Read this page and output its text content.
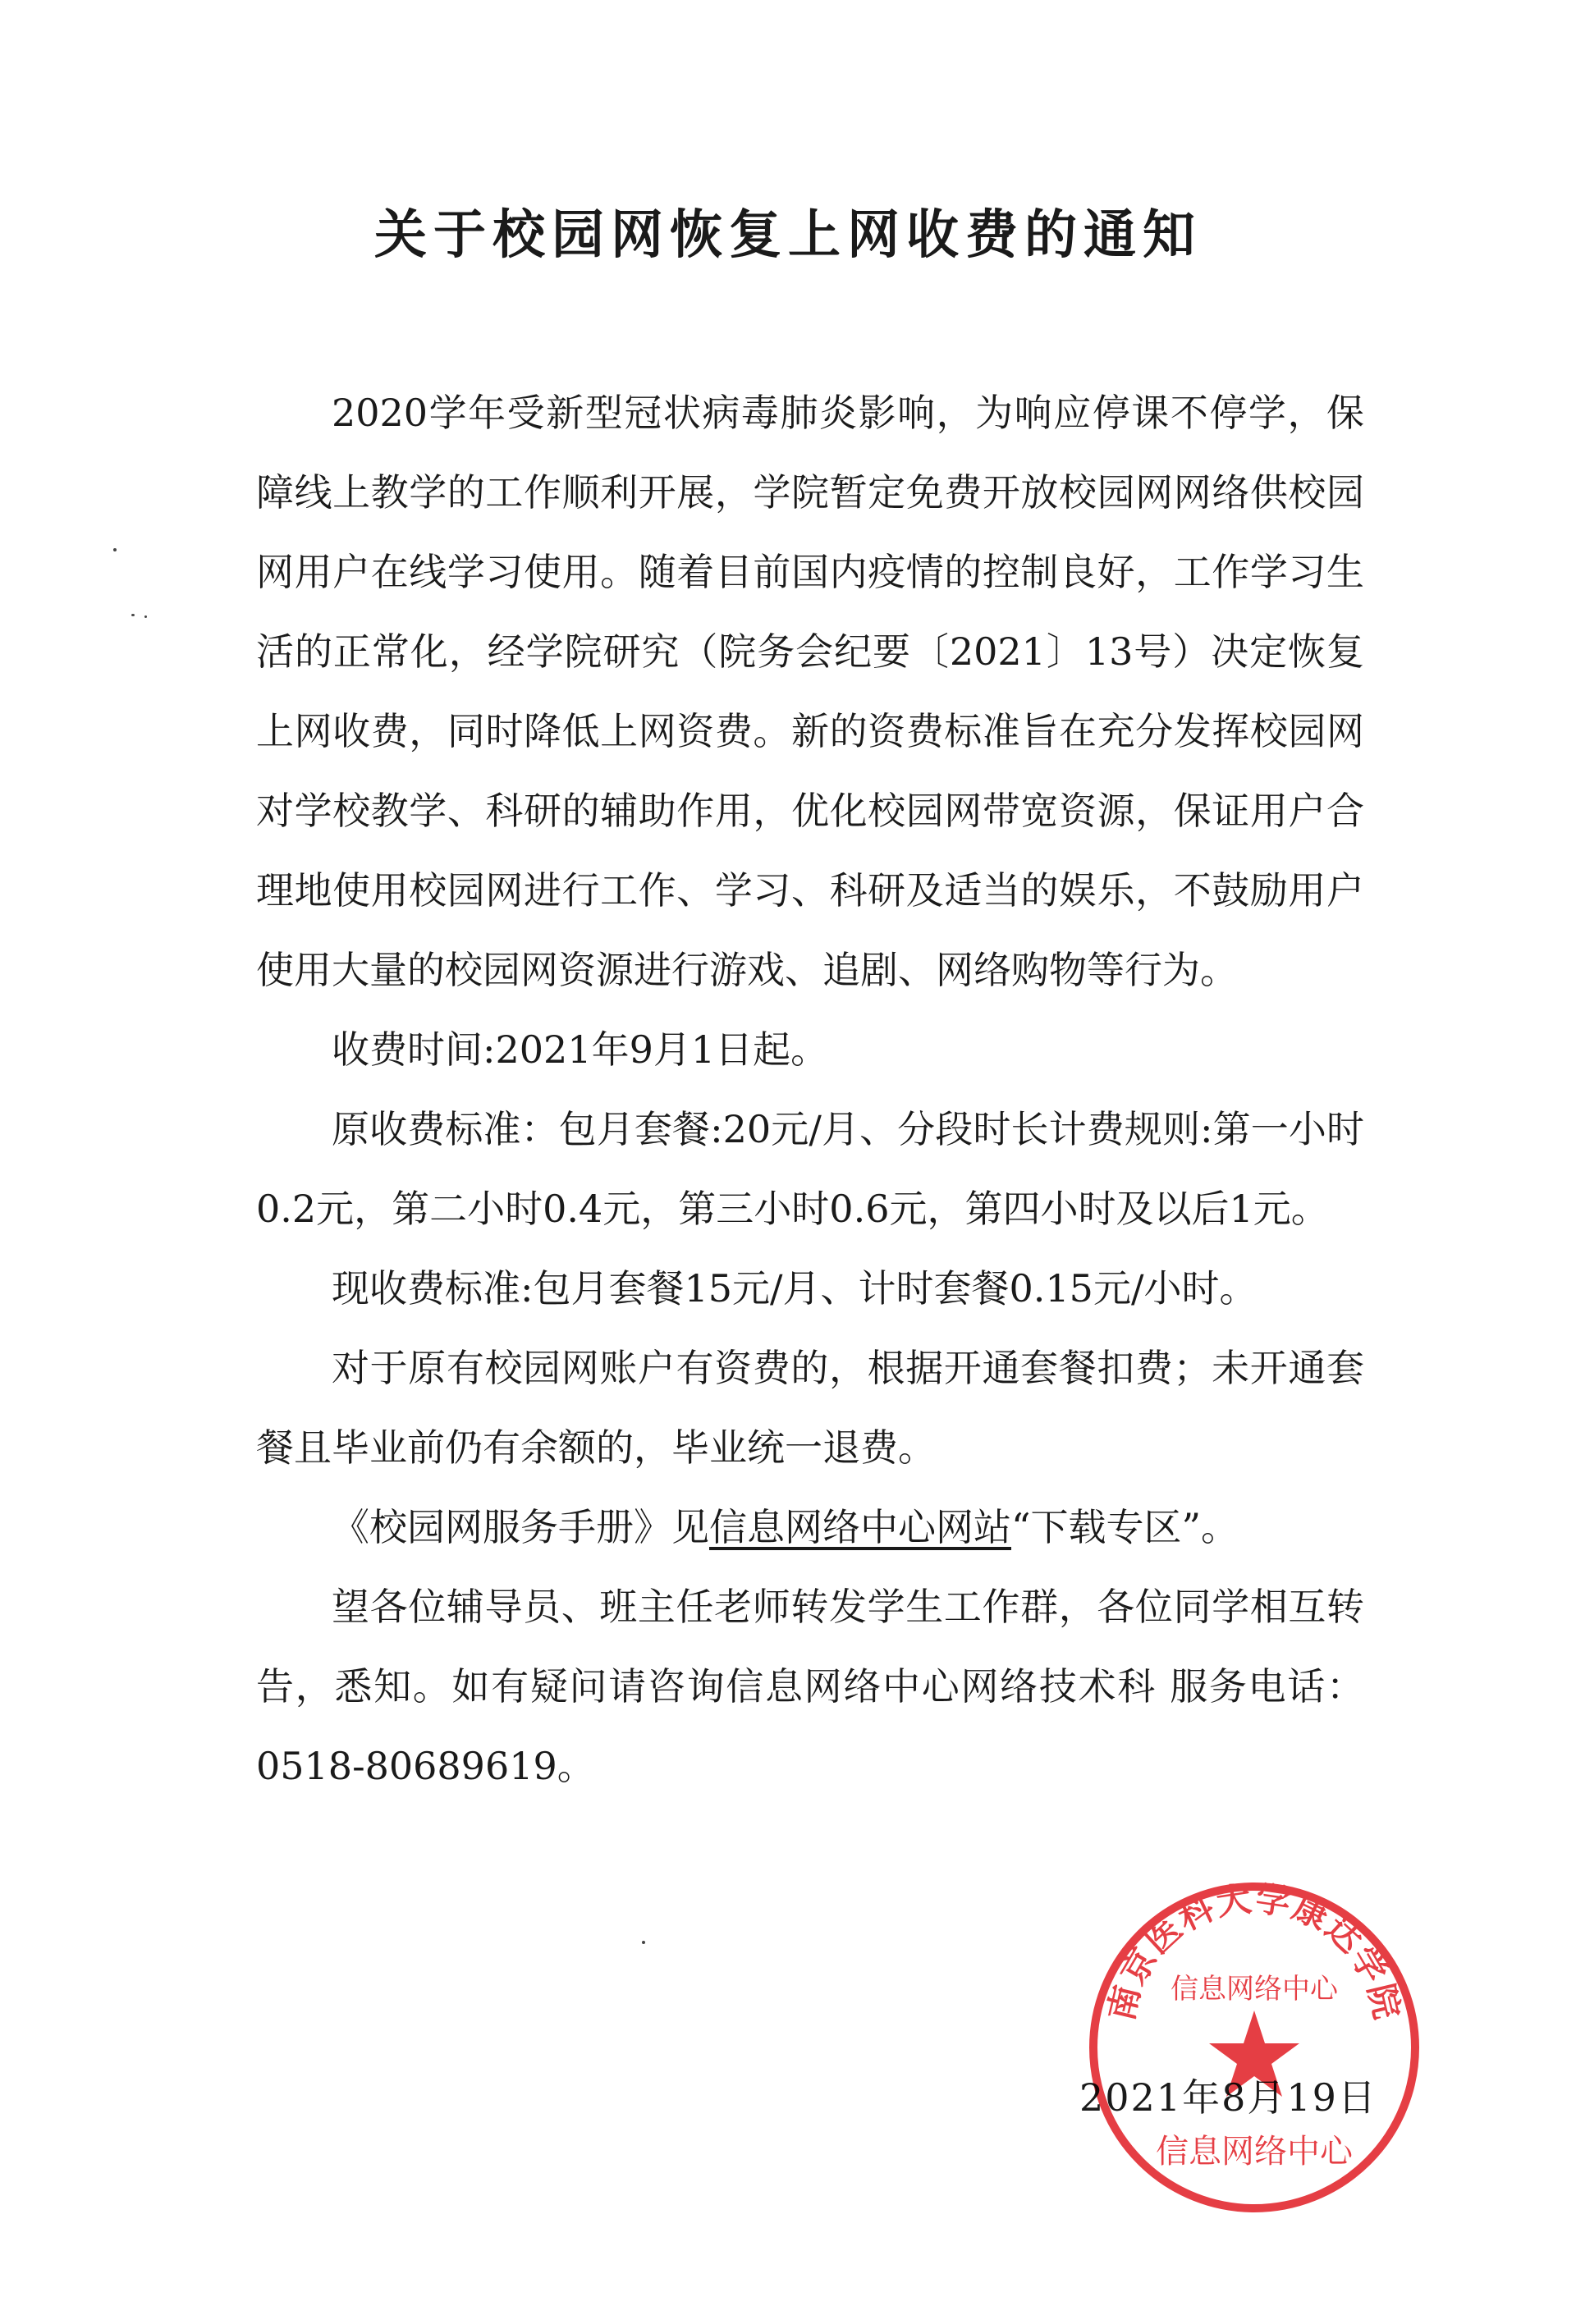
关于校园网恢复上网收费的通知

2020学年受新型冠状病毒肺炎影响，为响应停课不停学，保障线上教学的工作顺利开展，学院暂定免费开放校园网网络供校园网用户在线学习使用。随着目前国内疫情的控制良好，工作学习生活的正常化，经学院研究（院务会纪要〔2021〕13号）决定恢复上网收费，同时降低上网资费。新的资费标准旨在充分发挥校园网对学校教学、科研的辅助作用，优化校园网带宽资源，保证用户合理地使用校园网进行工作、学习、科研及适当的娱乐，不鼓励用户使用大量的校园网资源进行游戏、追剧、网络购物等行为。

收费时间:2021年9月1日起。

原收费标准：包月套餐:20元/月、分段时长计费规则:第一小时0.2元，第二小时0.4元，第三小时0.6元，第四小时及以后1元。

现收费标准:包月套餐15元/月、计时套餐0.15元/小时。

对于原有校园网账户有资费的，根据开通套餐扣费；未开通套餐且毕业前仍有余额的，毕业统一退费。

《校园网服务手册》见信息网络中心网站“下载专区”。

望各位辅导员、班主任老师转发学生工作群，各位同学相互转告，悉知。如有疑问请咨询信息网络中心网络技术科 服务电话：0518-80689619。

2021年8月19日
南京医科大学康达学院
信息网络中心
信息网络中心
